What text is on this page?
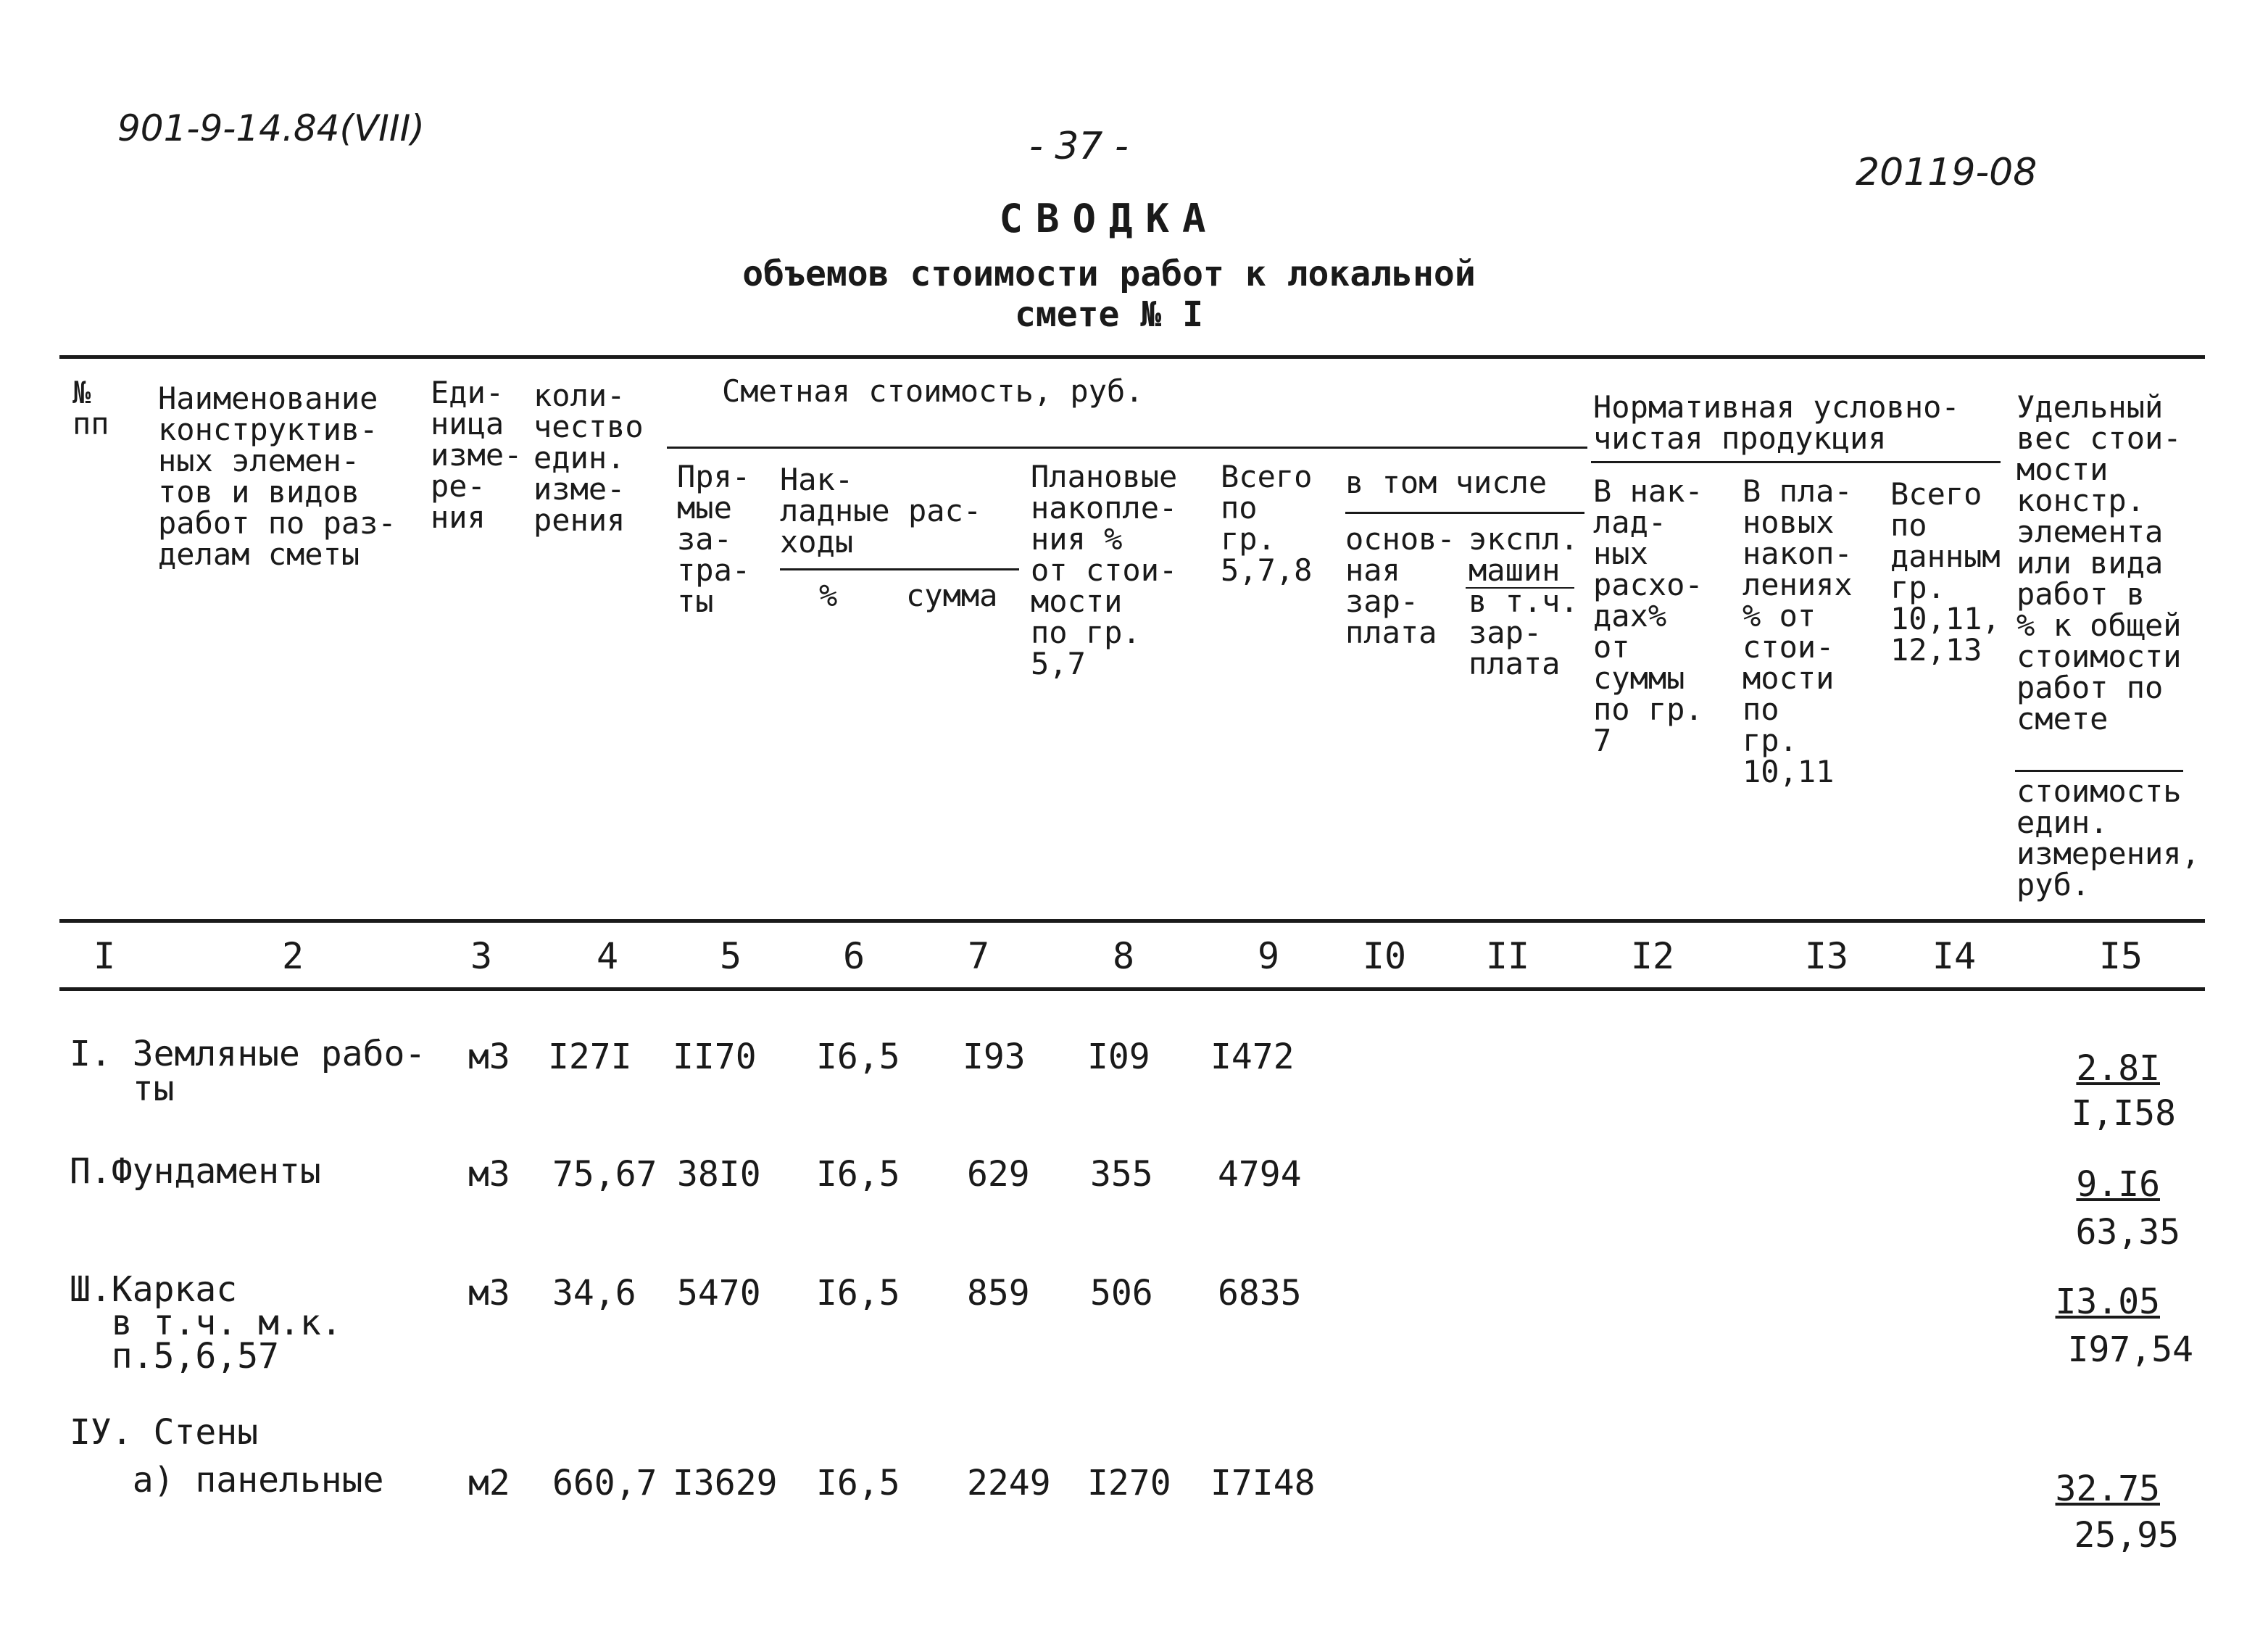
901-9-14.84(VIII)	- 37 -
20119-08
СВОДКА
объемов стоимости работ к локальной
смете № I
№
пп
Наименование
конструктив-
ных элемен-
тов и видов
работ по раз-
делам сметы
Еди-
ница
изме-
ре-
ния
коли-
чество
един.
изме-
рения
Сметная стоимость, руб.
Пря-
мые
за-
тра-
ты
Нак-
ладные рас-
ходы
% сумма
Плановые
накопле-
ния %
от стои-
мости
по гр.
5,7
Всего
по
гр.
5,7,8
в том числе
основ-
ная
зар-
плата
экспл.
машин
в т.ч.
зар-
плата
Нормативная условно-
чистая продукция
В нак-
лад-
ных
расхо-
дах%
от
суммы
по гр.
7
В пла-
новых
накоп-
лениях
% от
стои-
мости
по
гр.
10,11
Всего
по
данным
гр.
10,11,
12,13
Удельный
вес стои-
мости
констр.
элемента
или вида
работ в
% к общей
стоимости
работ по
смете
стоимость
един.
измерения,
руб.
I	2	3	4	5	6	7	8	9	I0	II	I2	I3	I4	I5
I. Земляные рабо-
ты
м3 I27I II70 I6,5 I93 I09 I472	2.8I
I,I58
П.Фундаменты	м3 75,67 38I0 I6,5 629 355 4794	9.I6
63,35
Ш.Каркас
в т.ч. м.к.
п.5,6,57
м3 34,6 5470 I6,5 859 506 6835	I3.05
I97,54
IУ. Стены
а) панельные м2 660,7 I3629 I6,5 2249 I270 I7I48	32.75
25,95
